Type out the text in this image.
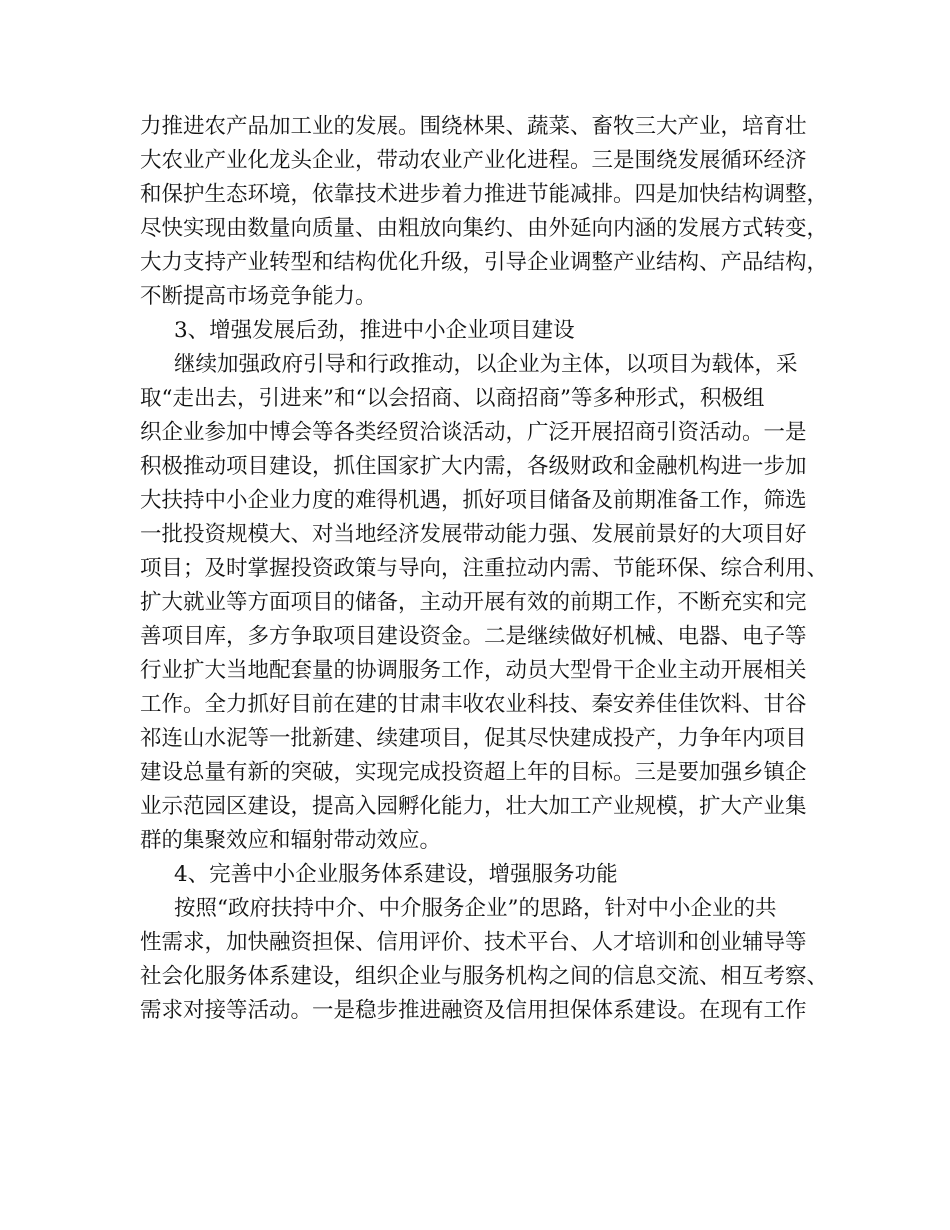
力推进农产品加工业的发展。围绕林果、蔬菜、畜牧三大产业，培育壮
大农业产业化龙头企业，带动农业产业化进程。三是围绕发展循环经济
和保护生态环境，依靠技术进步着力推进节能减排。四是加快结构调整，
尽快实现由数量向质量、由粗放向集约、由外延向内涵的发展方式转变，
大力支持产业转型和结构优化升级，引导企业调整产业结构、产品结构，
不断提高市场竞争能力。
3、增强发展后劲，推进中小企业项目建设
继续加强政府引导和行政推动，以企业为主体，以项目为载体，采
取“走出去，引进来”和“以会招商、以商招商”等多种形式，积极组
织企业参加中博会等各类经贸洽谈活动，广泛开展招商引资活动。一是
积极推动项目建设，抓住国家扩大内需，各级财政和金融机构进一步加
大扶持中小企业力度的难得机遇，抓好项目储备及前期准备工作，筛选
一批投资规模大、对当地经济发展带动能力强、发展前景好的大项目好
项目；及时掌握投资政策与导向，注重拉动内需、节能环保、综合利用、
扩大就业等方面项目的储备，主动开展有效的前期工作，不断充实和完
善项目库，多方争取项目建设资金。二是继续做好机械、电器、电子等
行业扩大当地配套量的协调服务工作，动员大型骨干企业主动开展相关
工作。全力抓好目前在建的甘肃丰收农业科技、秦安养佳佳饮料、甘谷
祁连山水泥等一批新建、续建项目，促其尽快建成投产，力争年内项目
建设总量有新的突破，实现完成投资超上年的目标。三是要加强乡镇企
业示范园区建设，提高入园孵化能力，壮大加工产业规模，扩大产业集
群的集聚效应和辐射带动效应。
4、完善中小企业服务体系建设，增强服务功能
按照“政府扶持中介、中介服务企业”的思路，针对中小企业的共
性需求，加快融资担保、信用评价、技术平台、人才培训和创业辅导等
社会化服务体系建设，组织企业与服务机构之间的信息交流、相互考察、
需求对接等活动。一是稳步推进融资及信用担保体系建设。在现有工作
